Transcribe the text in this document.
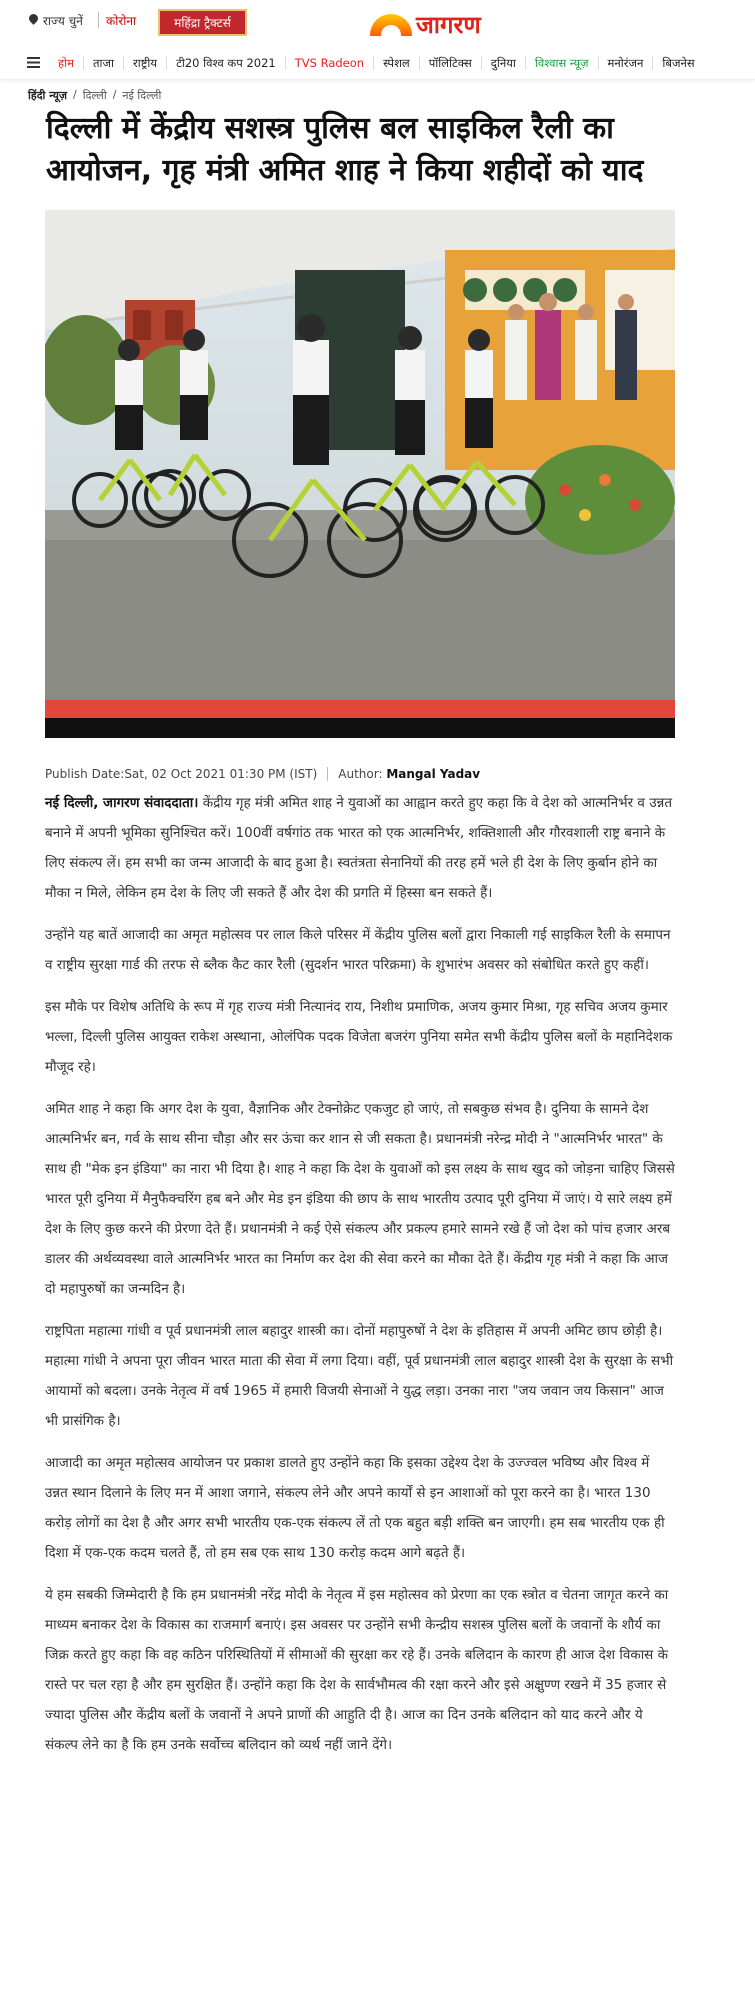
राज्य चुनें कोरोना	महिंद्रा ट्रैक्टर्स	जागरण
होम	ताजा	राष्ट्रीय	टी20 विश्व कप 2021	TVS Radeon	स्पेशल	पॉलिटिक्स	दुनिया	विश्वास न्यूज़	मनोरंजन	बिजनेस
हिंदी न्यूज़ / दिल्ली / नई दिल्ली
दिल्ली में केंद्रीय सशस्त्र पुलिस बल साइकिल रैली का आयोजन, गृह मंत्री अमित शाह ने किया शहीदों को याद
Publish Date:Sat, 02 Oct 2021 01:30 PM (IST) Author:
Mangal Yadav

नई दिल्ली, जागरण संवाददाता। केंद्रीय गृह मंत्री अमित शाह ने युवाओं का आह्वान करते हुए कहा कि वे देश को आत्मनिर्भर व उन्नत बनाने में अपनी भूमिका सुनिश्चित करें। 100वीं वर्षगांठ तक भारत को एक आत्मनिर्भर, शक्तिशाली और गौरवशाली राष्ट्र बनाने के लिए संकल्प लें। हम सभी का जन्म आजादी के बाद हुआ है। स्वतंत्रता सेनानियों की तरह हमें भले ही देश के लिए कुर्बान होने का मौका न मिले, लेकिन हम देश के लिए जी सकते हैं और देश की प्रगति में हिस्सा बन सकते हैं।

उन्होंने यह बातें आजादी का अमृत महोत्सव पर लाल किले परिसर में केंद्रीय पुलिस बलों द्वारा निकाली गई साइकिल रैली के समापन व राष्ट्रीय सुरक्षा गार्ड की तरफ से ब्लैक कैट कार रैली (सुदर्शन भारत परिक्रमा) के शुभारंभ अवसर को संबोधित करते हुए कहीं।

इस मौके पर विशेष अतिथि के रूप में गृह राज्य मंत्री नित्यानंद राय, निशीथ प्रमाणिक, अजय कुमार मिश्रा, गृह सचिव अजय कुमार भल्ला, दिल्ली पुलिस आयुक्त राकेश अस्थाना, ओलंपिक पदक विजेता बजरंग पुनिया समेत सभी केंद्रीय पुलिस बलों के महानिदेशक मौजूद रहे।

अमित शाह ने कहा कि अगर देश के युवा, वैज्ञानिक और टेक्नोक्रेट एकजुट हो जाएं, तो सबकुछ संभव है। दुनिया के सामने देश आत्मनिर्भर बन, गर्व के साथ सीना चौड़ा और सर ऊंचा कर शान से जी सकता है। प्रधानमंत्री नरेन्द्र मोदी ने "आत्मनिर्भर भारत" के साथ ही "मेक इन इंडिया" का नारा भी दिया है। शाह ने कहा कि देश के युवाओं को इस लक्ष्य के साथ खुद को जोड़ना चाहिए जिससे भारत पूरी दुनिया में मैनुफैक्चरिंग हब बने और मेड इन इंडिया की छाप के साथ भारतीय उत्पाद पूरी दुनिया में जाएं। ये सारे लक्ष्य हमें देश के लिए कुछ करने की प्रेरणा देते हैं। प्रधानमंत्री ने कई ऐसे संकल्प और प्रकल्प हमारे सामने रखे हैं जो देश को पांच हजार अरब डालर की अर्थव्यवस्था वाले आत्मनिर्भर भारत का निर्माण कर देश की सेवा करने का मौका देते हैं। केंद्रीय गृह मंत्री ने कहा कि आज दो महापुरुषों का जन्मदिन है।

राष्ट्रपिता महात्मा गांधी व पूर्व प्रधानमंत्री लाल बहादुर शास्त्री का। दोनों महापुरुषों ने देश के इतिहास में अपनी अमिट छाप छोड़ी है। महात्मा गांधी ने अपना पूरा जीवन भारत माता की सेवा में लगा दिया। वहीं, पूर्व प्रधानमंत्री लाल बहादुर शास्त्री देश के सुरक्षा के सभी आयामों को बदला। उनके नेतृत्व में वर्ष 1965 में हमारी विजयी सेनाओं ने युद्ध लड़ा। उनका नारा "जय जवान जय किसान" आज भी प्रासंगिक है।

आजादी का अमृत महोत्सव आयोजन पर प्रकाश डालते हुए उन्होंने कहा कि इसका उद्देश्य देश के उज्ज्वल भविष्य और विश्व में उन्नत स्थान दिलाने के लिए मन में आशा जगाने, संकल्प लेने और अपने कार्यों से इन आशाओं को पूरा करने का है। भारत 130 करोड़ लोगों का देश है और अगर सभी भारतीय एक-एक संकल्प लें तो एक बहुत बड़ी शक्ति बन जाएगी। हम सब भारतीय एक ही दिशा में एक-एक कदम चलते हैं, तो हम सब एक साथ 130 करोड़ कदम आगे बढ़ते हैं।

ये हम सबकी जिम्मेदारी है कि हम प्रधानमंत्री नरेंद्र मोदी के नेतृत्व में इस महोत्सव को प्रेरणा का एक स्त्रोत व चेतना जागृत करने का माध्यम बनाकर देश के विकास का राजमार्ग बनाएं। इस अवसर पर उन्होंने सभी केन्द्रीय सशस्त्र पुलिस बलों के जवानों के शौर्य का जिक्र करते हुए कहा कि वह कठिन परिस्थितियों में सीमाओं की सुरक्षा कर रहे हैं। उनके बलिदान के कारण ही आज देश विकास के रास्ते पर चल रहा है और हम सुरक्षित हैं। उन्होंने कहा कि देश के सार्वभौमत्व की रक्षा करने और इसे अक्षुण्ण रखने में 35 हजार से ज्यादा पुलिस और केंद्रीय बलों के जवानों ने अपने प्राणों की आहुति दी है। आज का दिन उनके बलिदान को याद करने और ये संकल्प लेने का है कि हम उनके सर्वोच्च बलिदान को व्यर्थ नहीं जाने देंगे।
